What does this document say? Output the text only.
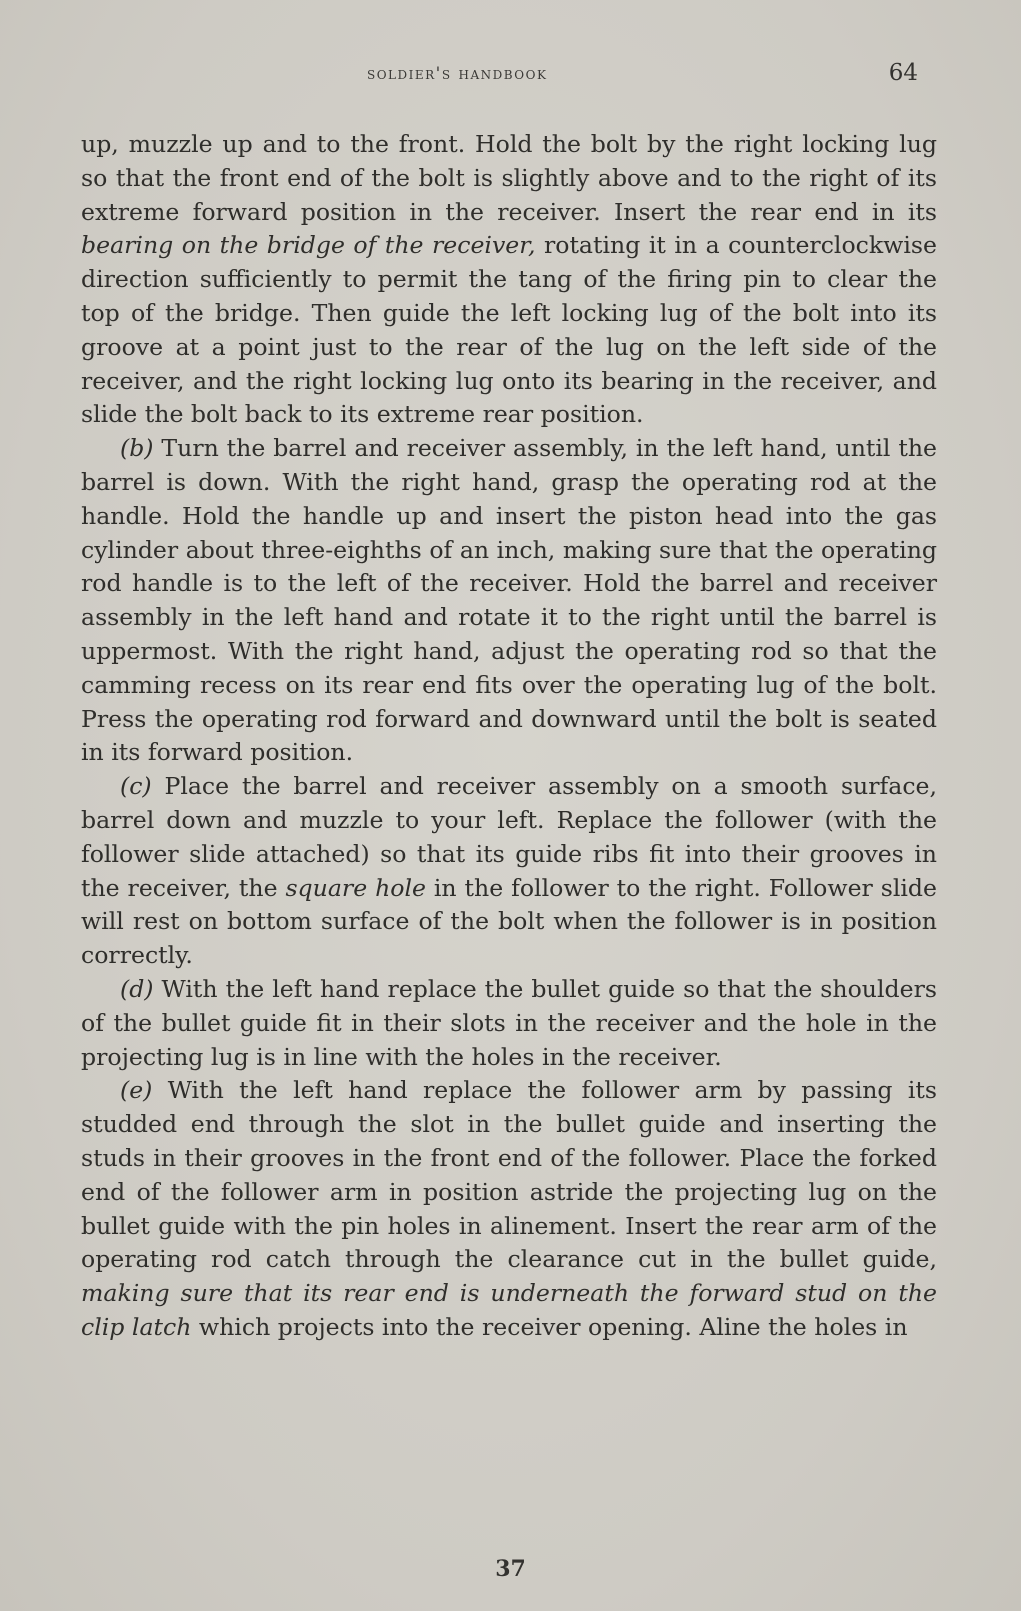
soldier's handbook	64

up, muzzle up and to the front. Hold the bolt by the right locking lug so that the front end of the bolt is slightly above and to the right of its extreme forward position in the receiver. Insert the rear end in its bearing on the bridge of the receiver, rotating it in a counterclockwise direction sufficiently to permit the tang of the firing pin to clear the top of the bridge. Then guide the left locking lug of the bolt into its groove at a point just to the rear of the lug on the left side of the receiver, and the right locking lug onto its bearing in the receiver, and slide the bolt back to its extreme rear position.

(b) Turn the barrel and receiver assembly, in the left hand, until the barrel is down. With the right hand, grasp the operating rod at the handle. Hold the handle up and insert the piston head into the gas cylinder about three-eighths of an inch, making sure that the operating rod handle is to the left of the receiver. Hold the barrel and receiver assembly in the left hand and rotate it to the right until the barrel is uppermost. With the right hand, adjust the operating rod so that the camming recess on its rear end fits over the operating lug of the bolt. Press the operating rod forward and downward until the bolt is seated in its forward position.

(c) Place the barrel and receiver assembly on a smooth surface, barrel down and muzzle to your left. Replace the follower (with the follower slide attached) so that its guide ribs fit into their grooves in the receiver, the square hole in the follower to the right. Follower slide will rest on bottom surface of the bolt when the follower is in position correctly.

(d) With the left hand replace the bullet guide so that the shoulders of the bullet guide fit in their slots in the receiver and the hole in the projecting lug is in line with the holes in the receiver.

(e) With the left hand replace the follower arm by passing its studded end through the slot in the bullet guide and inserting the studs in their grooves in the front end of the follower. Place the forked end of the follower arm in position astride the projecting lug on the bullet guide with the pin holes in alinement. Insert the rear arm of the operating rod catch through the clearance cut in the bullet guide, making sure that its rear end is underneath the forward stud on the clip latch which projects into the receiver opening. Aline the holes in

37
